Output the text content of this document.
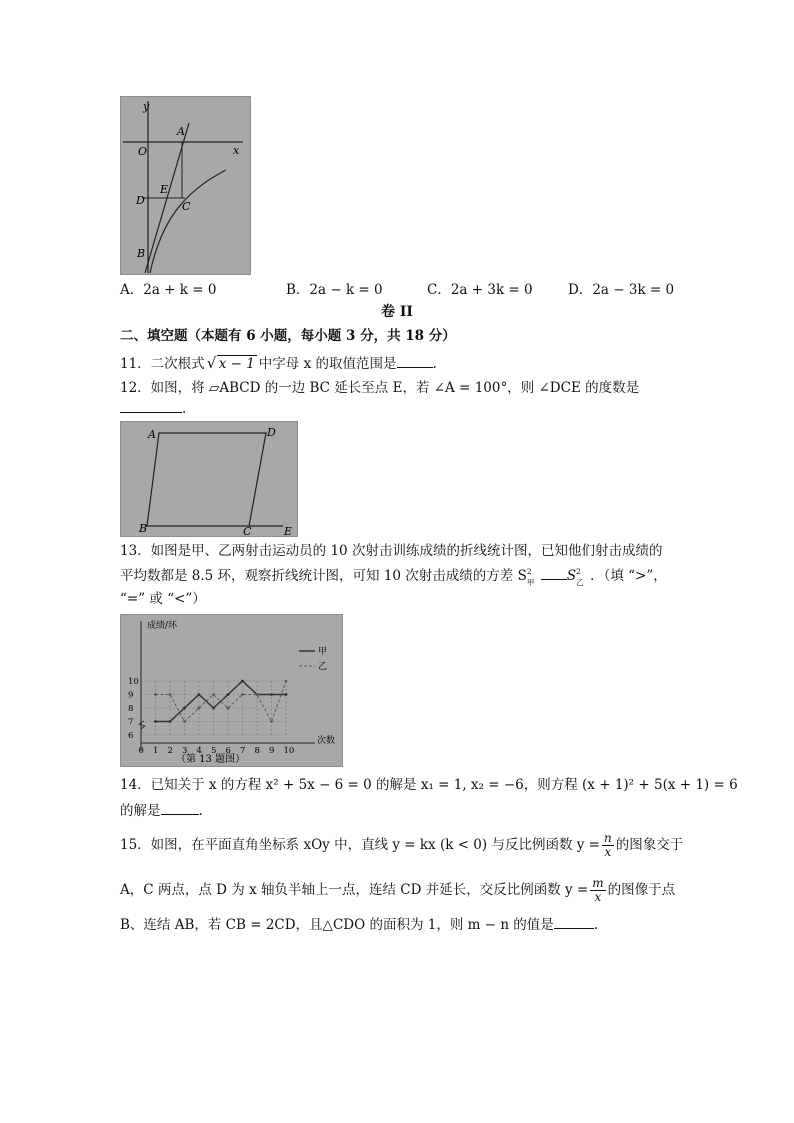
y
x
O
A
D
E
C
B
A．2a + k = 0	B．2a − k = 0	C．2a + 3k = 0	D．2a − 3k = 0
卷 II
二、填空题（本题有 6 小题，每小题 3 分，共 18 分）
11．二次根式 √ x − 1 中字母 x 的取值范围是	.
12．如图，将 ▱ABCD 的一边 BC 延长至点 E，若 ∠A = 100°，则 ∠DCE 的度数是
.
A	D
B	C	E
13．如图是甲、乙两射击运动员的 10 次射击训练成绩的折线统计图，已知他们射击成绩的
平均数都是 8.5 环，观察折线统计图，可知 10 次射击成绩的方差 S 2
甲 S 2
乙 ．（填 “>”，
“=” 或 “<”）
成绩/环
次数
（第 13 题图）
6
7
8
9
10
0 1 2 3 4 5 6 7 8 9 10
甲
乙
14．已知关于 x 的方程 x² + 5x − 6 = 0 的解是 x₁ = 1, x₂ = −6，则方程 (x + 1)² + 5(x + 1) = 6
的解是	.
15．如图，在平面直角坐标系 xOy 中，直线 y = kx (k < 0) 与反比例函数 $y = \frac{n}{x}$ 的图象交于
A，C 两点，点 D 为 x 轴负半轴上一点，连结 CD 并延长，交反比例函数 $y = \frac{m}{x}$ 的图像于点
B、连结 AB，若 CB = 2CD，且△CDO 的面积为 1，则 m − n 的值是	.
